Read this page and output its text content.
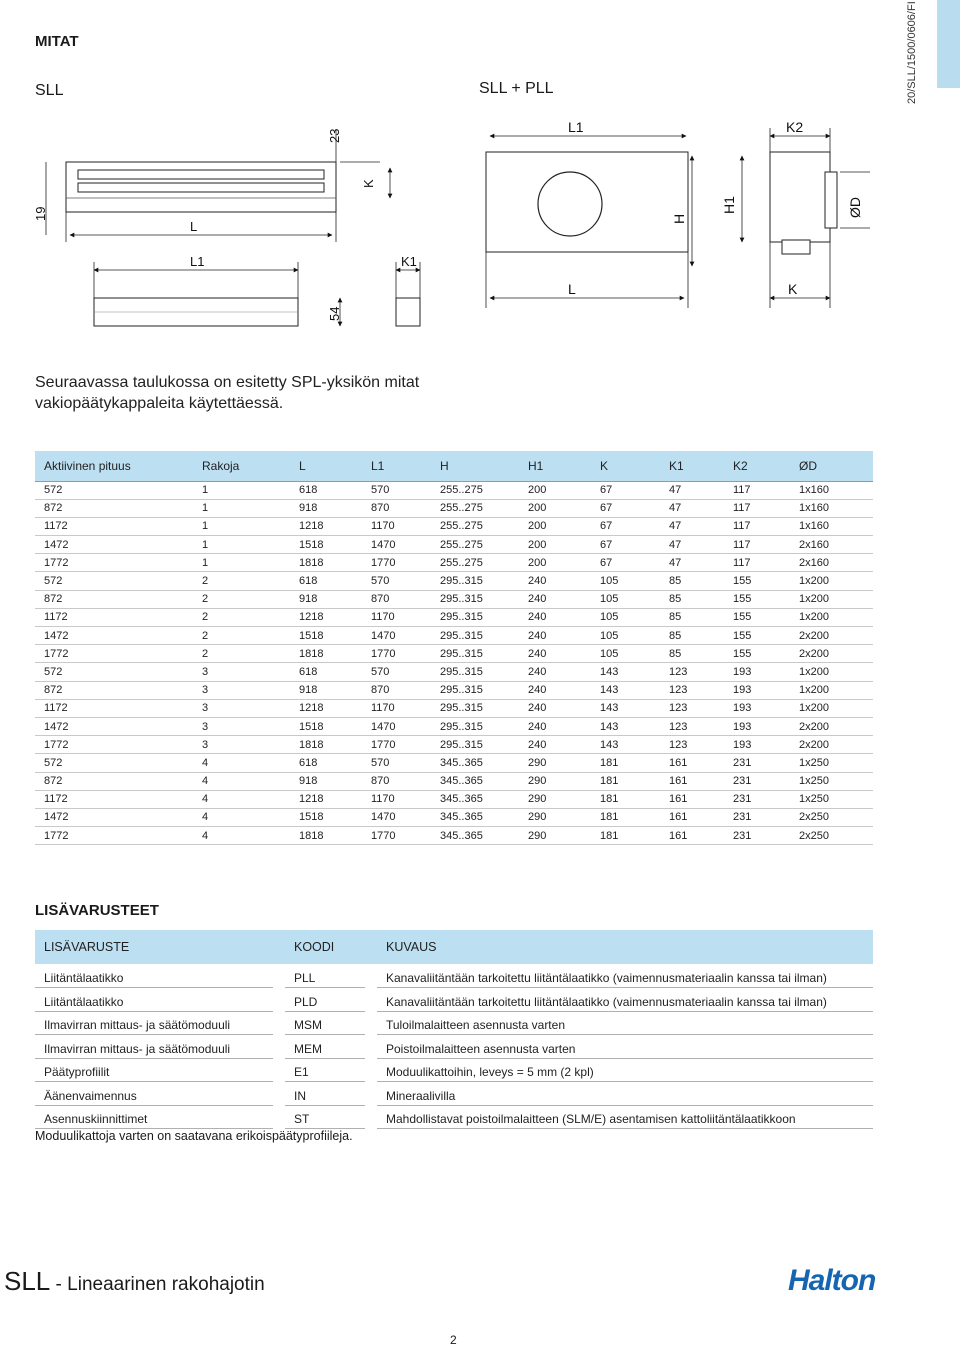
20/SLL/1500/0606/FI
MITAT
SLL	SLL + PLL
23
K
19
L
L1	K1
54
L1	K2
H
H1	ØD
L	K
Seuraavassa taulukossa on esitetty SPL-yksikön mitat
vakiopäätykappaleita käytettäessä.
Aktiivinen pituus	Rakoja	L	L1	H	H1	K	K1	K2	ØD
572	1	618	570	255..275	200	67	47	117	1x160
872	1	918	870	255..275	200	67	47	117	1x160
1172	1	1218	1170	255..275	200	67	47	117	1x160
1472	1	1518	1470	255..275	200	67	47	117	2x160
1772	1	1818	1770	255..275	200	67	47	117	2x160
572	2	618	570	295..315	240	105	85	155	1x200
872	2	918	870	295..315	240	105	85	155	1x200
1172	2	1218	1170	295..315	240	105	85	155	1x200
1472	2	1518	1470	295..315	240	105	85	155	2x200
1772	2	1818	1770	295..315	240	105	85	155	2x200
572	3	618	570	295..315	240	143	123	193	1x200
872	3	918	870	295..315	240	143	123	193	1x200
1172	3	1218	1170	295..315	240	143	123	193	1x200
1472	3	1518	1470	295..315	240	143	123	193	2x200
1772	3	1818	1770	295..315	240	143	123	193	2x200
572	4	618	570	345..365	290	181	161	231	1x250
872	4	918	870	345..365	290	181	161	231	1x250
1172	4	1218	1170	345..365	290	181	161	231	1x250
1472	4	1518	1470	345..365	290	181	161	231	2x250
1772	4	1818	1770	345..365	290	181	161	231	2x250
LISÄVARUSTEET
LISÄVARUSTE		KOODI		KUVAUS
Liitäntälaatikko		PLL		Kanavaliitäntään tarkoitettu liitäntälaatikko (vaimennusmateriaalin kanssa tai ilman)
Liitäntälaatikko		PLD		Kanavaliitäntään tarkoitettu liitäntälaatikko (vaimennusmateriaalin kanssa tai ilman)
Ilmavirran mittaus- ja säätömoduuli		MSM		Tuloilmalaitteen asennusta varten
Ilmavirran mittaus- ja säätömoduuli		MEM		Poistoilmalaitteen asennusta varten
Päätyprofiilit		E1		Moduulikattoihin, leveys = 5 mm (2 kpl)
Äänenvaimennus		IN		Mineraalivilla
Asennuskiinnittimet		ST		Mahdollistavat poistoilmalaitteen (SLM/E) asentamisen kattoliitäntälaatikkoon
Moduulikattoja varten on saatavana erikoispäätyprofiileja.
SLL - Lineaarinen rakohajotin	Halton
2
